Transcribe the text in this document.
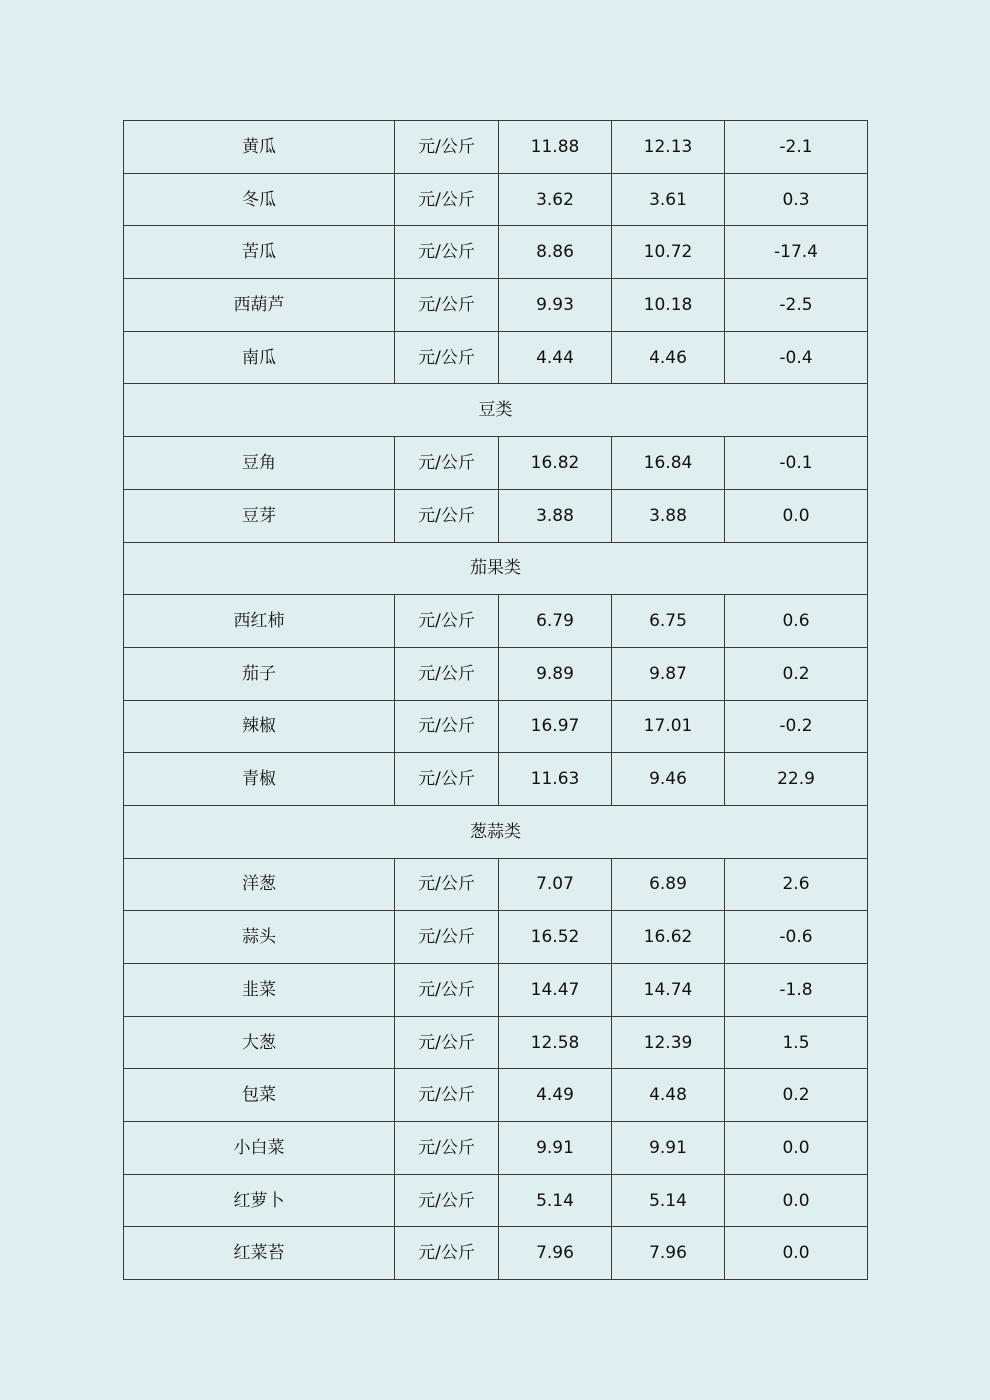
黄瓜	元/公斤	11.88	12.13	-2.1
冬瓜	元/公斤	3.62	3.61	0.3
苦瓜	元/公斤	8.86	10.72	-17.4
西葫芦	元/公斤	9.93	10.18	-2.5
南瓜	元/公斤	4.44	4.46	-0.4
豆类				
豆角	元/公斤	16.82	16.84	-0.1
豆芽	元/公斤	3.88	3.88	0.0
茄果类				
西红柿	元/公斤	6.79	6.75	0.6
茄子	元/公斤	9.89	9.87	0.2
辣椒	元/公斤	16.97	17.01	-0.2
青椒	元/公斤	11.63	9.46	22.9
葱蒜类				
洋葱	元/公斤	7.07	6.89	2.6
蒜头	元/公斤	16.52	16.62	-0.6
韭菜	元/公斤	14.47	14.74	-1.8
大葱	元/公斤	12.58	12.39	1.5
包菜	元/公斤	4.49	4.48	0.2
小白菜	元/公斤	9.91	9.91	0.0
红萝卜	元/公斤	5.14	5.14	0.0
红菜苔	元/公斤	7.96	7.96	0.0
